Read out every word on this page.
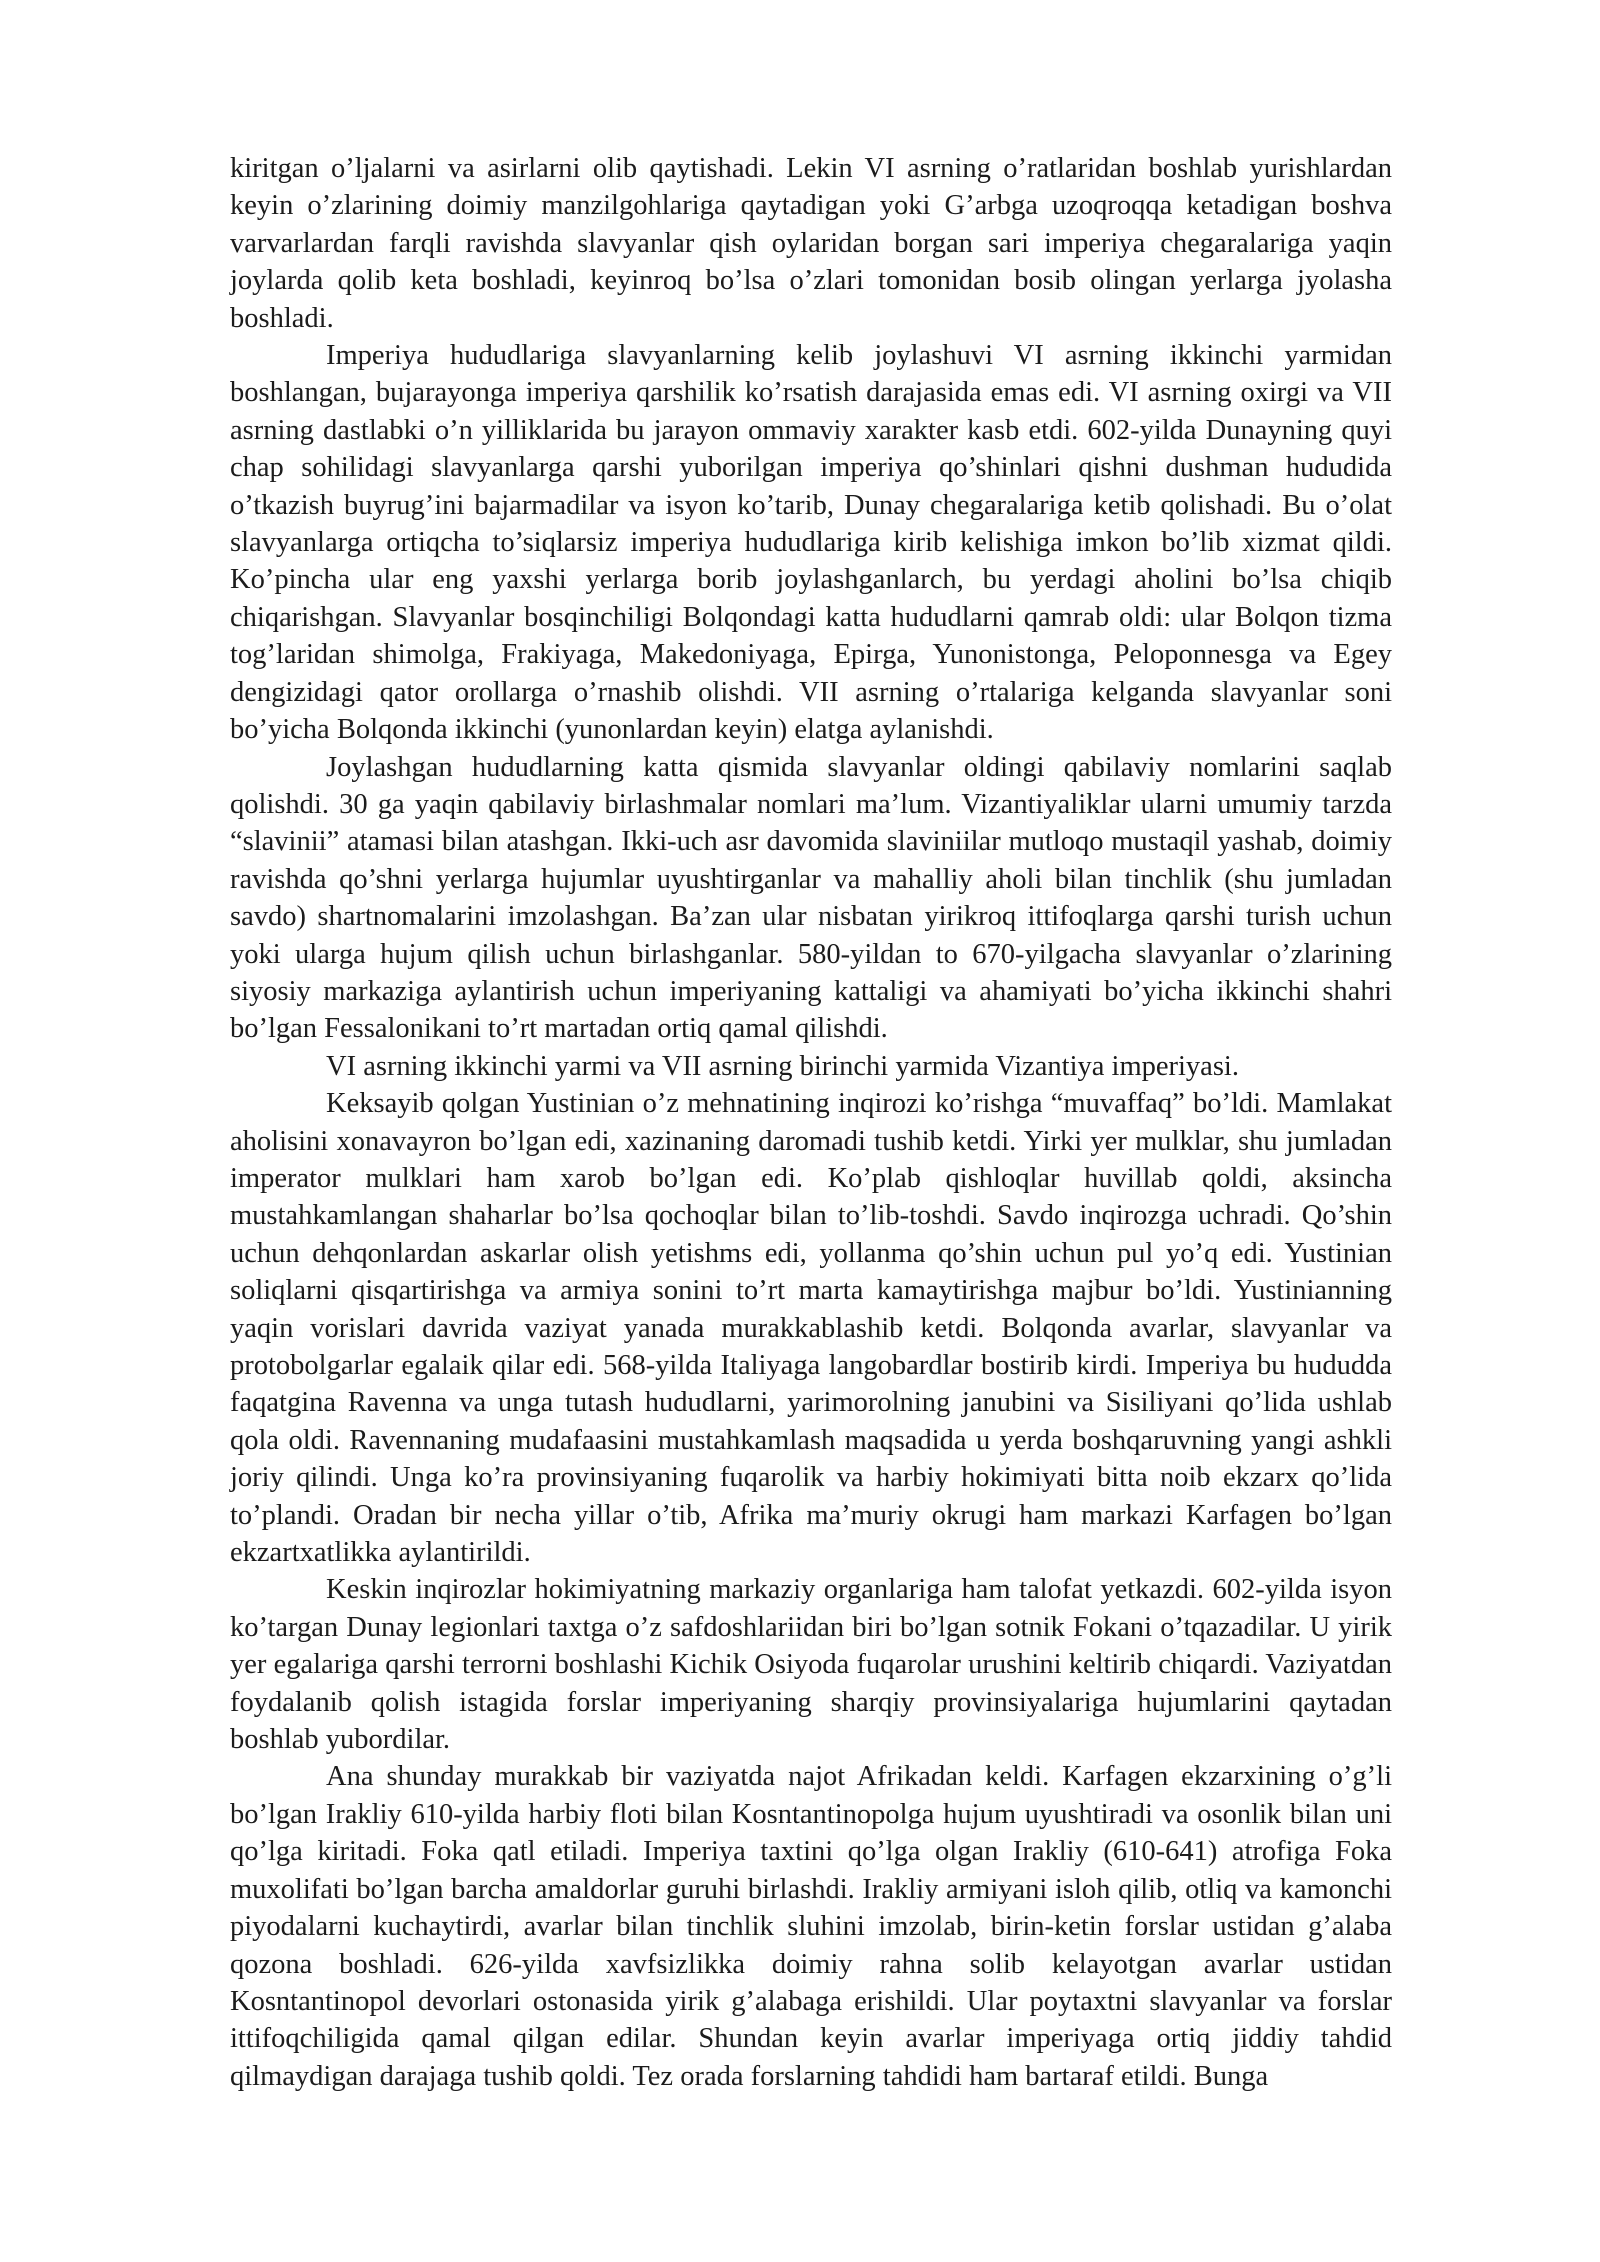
kiritgan o’ljalarni va asirlarni olib qaytishadi. Lekin VI asrning o’ratlaridan boshlab yurishlardan keyin o’zlarining doimiy manzilgohlariga qaytadigan yoki G’arbga uzoqroqqa ketadigan boshva varvarlardan farqli ravishda slavyanlar qish oylaridan borgan sari imperiya chegaralariga yaqin joylarda qolib keta boshladi, keyinroq bo’lsa o’zlari tomonidan bosib olingan yerlarga jyolasha boshladi.

Imperiya hududlariga slavyanlarning kelib joylashuvi VI asrning ikkinchi yarmidan boshlangan, bujarayonga imperiya qarshilik ko’rsatish darajasida emas edi. VI asrning oxirgi va VII asrning dastlabki o’n yilliklarida bu jarayon ommaviy xarakter kasb etdi. 602-yilda Dunayning quyi chap sohilidagi slavyanlarga qarshi yuborilgan imperiya qo’shinlari qishni dushman hududida o’tkazish buyrug’ini bajarmadilar va isyon ko’tarib, Dunay chegaralariga ketib qolishadi. Bu o’olat slavyanlarga ortiqcha to’siqlarsiz imperiya hududlariga kirib kelishiga imkon bo’lib xizmat qildi. Ko’pincha ular eng yaxshi yerlarga borib joylashganlarch, bu yerdagi aholini bo’lsa chiqib chiqarishgan. Slavyanlar bosqinchiligi Bolqondagi katta hududlarni qamrab oldi: ular Bolqon tizma tog’laridan shimolga, Frakiyaga, Makedoniyaga, Epirga, Yunonistonga, Peloponnesga va Egey dengizidagi qator orollarga o’rnashib olishdi. VII asrning o’rtalariga kelganda slavyanlar soni bo’yicha Bolqonda ikkinchi (yunonlardan keyin) elatga aylanishdi.

Joylashgan hududlarning katta qismida slavyanlar oldingi qabilaviy nomlarini saqlab qolishdi. 30 ga yaqin qabilaviy birlashmalar nomlari ma’lum. Vizantiyaliklar ularni umumiy tarzda “slavinii” atamasi bilan atashgan. Ikki-uch asr davomida slaviniilar mutloqo mustaqil yashab, doimiy ravishda qo’shni yerlarga hujumlar uyushtirganlar va mahalliy aholi bilan tinchlik (shu jumladan savdo) shartnomalarini imzolashgan. Ba’zan ular nisbatan yirikroq ittifoqlarga qarshi turish uchun yoki ularga hujum qilish uchun birlashganlar. 580-yildan to 670-yilgacha slavyanlar o’zlarining siyosiy markaziga aylantirish uchun imperiyaning kattaligi va ahamiyati bo’yicha ikkinchi shahri bo’lgan Fessalonikani to’rt martadan ortiq qamal qilishdi.

VI asrning ikkinchi yarmi va VII asrning birinchi yarmida Vizantiya imperiyasi.

Keksayib qolgan Yustinian o’z mehnatining inqirozi ko’rishga “muvaffaq” bo’ldi. Mamlakat aholisini xonavayron bo’lgan edi, xazinaning daromadi tushib ketdi. Yirki yer mulklar, shu jumladan imperator mulklari ham xarob bo’lgan edi. Ko’plab qishloqlar huvillab qoldi, aksincha mustahkamlangan shaharlar bo’lsa qochoqlar bilan to’lib-toshdi. Savdo inqirozga uchradi. Qo’shin uchun dehqonlardan askarlar olish yetishms edi, yollanma qo’shin uchun pul yo’q edi. Yustinian soliqlarni qisqartirishga va armiya sonini to’rt marta kamaytirishga majbur bo’ldi. Yustinianning yaqin vorislari davrida vaziyat yanada murakkablashib ketdi. Bolqonda avarlar, slavyanlar va protobolgarlar egalaik qilar edi. 568-yilda Italiyaga langobardlar bostirib kirdi. Imperiya bu hududda faqatgina Ravenna va unga tutash hududlarni, yarimorolning janubini va Sisiliyani qo’lida ushlab qola oldi. Ravennaning mudafaasini mustahkamlash maqsadida u yerda boshqaruvning yangi ashkli joriy qilindi. Unga ko’ra provinsiyaning fuqarolik va harbiy hokimiyati bitta noib ekzarx qo’lida to’plandi. Oradan bir necha yillar o’tib, Afrika ma’muriy okrugi ham markazi Karfagen bo’lgan ekzartxatlikka aylantirildi.

Keskin inqirozlar hokimiyatning markaziy organlariga ham talofat yetkazdi. 602-yilda isyon ko’targan Dunay legionlari taxtga o’z safdoshlariidan biri bo’lgan sotnik Fokani o’tqazadilar. U yirik yer egalariga qarshi terrorni boshlashi Kichik Osiyoda fuqarolar urushini keltirib chiqardi. Vaziyatdan foydalanib qolish istagida forslar imperiyaning sharqiy provinsiyalariga hujumlarini qaytadan boshlab yubordilar.

Ana shunday murakkab bir vaziyatda najot Afrikadan keldi. Karfagen ekzarxining o’g’li bo’lgan Irakliy 610-yilda harbiy floti bilan Kosntantinopolga hujum uyushtiradi va osonlik bilan uni qo’lga kiritadi. Foka qatl etiladi. Imperiya taxtini qo’lga olgan Irakliy (610-641) atrofiga Foka muxolifati bo’lgan barcha amaldorlar guruhi birlashdi. Irakliy armiyani isloh qilib, otliq va kamonchi piyodalarni kuchaytirdi, avarlar bilan tinchlik sluhini imzolab, birin-ketin forslar ustidan g’alaba qozona boshladi. 626-yilda xavfsizlikka doimiy rahna solib kelayotgan avarlar ustidan Kosntantinopol devorlari ostonasida yirik g’alabaga erishildi. Ular poytaxtni slavyanlar va forslar ittifoqchiligida qamal qilgan edilar. Shundan keyin avarlar imperiyaga ortiq jiddiy tahdid qilmaydigan darajaga tushib qoldi. Tez orada forslarning tahdidi ham bartaraf etildi. Bunga
